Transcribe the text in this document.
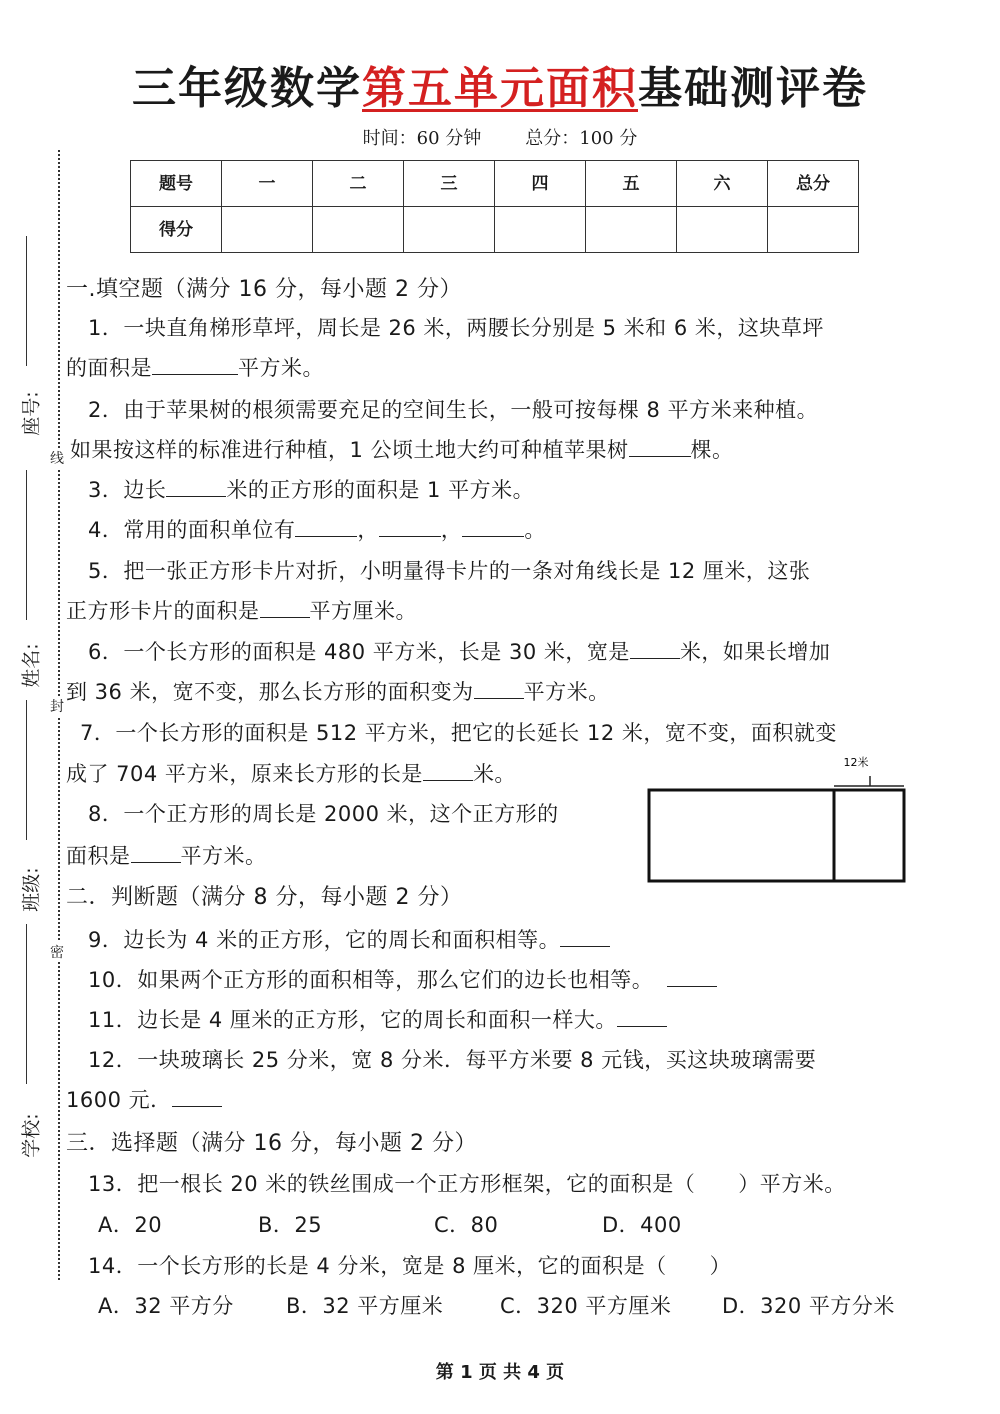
三年级数学第五单元面积基础测评卷
时间：60 分钟 总分：100 分
题号	一	二	三	四	五	六	总分
得分							
线
封
密
座号:
姓名:
班级:
学校:
一.填空题（满分 16 分，每小题 2 分）
1．一块直角梯形草坪，周长是 26 米，两腰长分别是 5 米和 6 米，这块草坪
的面积是	平方米。
2．由于苹果树的根须需要充足的空间生长，一般可按每棵 8 平方米来种植。
如果按这样的标准进行种植，1 公顷土地大约可种植苹果树	棵。
3．边长	米的正方形的面积是 1 平方米。
4．常用的面积单位有	，	，	。
5．把一张正方形卡片对折，小明量得卡片的一条对角线长是 12 厘米，这张
正方形卡片的面积是 平方厘米。
6．一个长方形的面积是 480 平方米，长是 30 米，宽是 米，如果长增加
到 36 米，宽不变，那么长方形的面积变为 平方米。
7．一个长方形的面积是 512 平方米，把它的长延长 12 米，宽不变，面积就变
成了 704 平方米，原来长方形的长是 米。
8．一个正方形的周长是 2000 米，这个正方形的
面积是 平方米。
12米
二．判断题（满分 8 分，每小题 2 分）
9．边长为 4 米的正方形，它的周长和面积相等。
10．如果两个正方形的面积相等，那么它们的边长也相等。
11．边长是 4 厘米的正方形，它的周长和面积一样大。
12．一块玻璃长 25 分米，宽 8 分米．每平方米要 8 元钱，买这块玻璃需要
1600 元．
三．选择题（满分 16 分，每小题 2 分）
13．把一根长 20 米的铁丝围成一个正方形框架，它的面积是（　　）平方米。
A．20	B．25	C．80	D．400
14．一个长方形的长是 4 分米，宽是 8 厘米，它的面积是（　　）
A．32 平方分 B．32 平方厘米	C．320 平方厘米 D．320 平方分米
第 1 页 共 4 页
